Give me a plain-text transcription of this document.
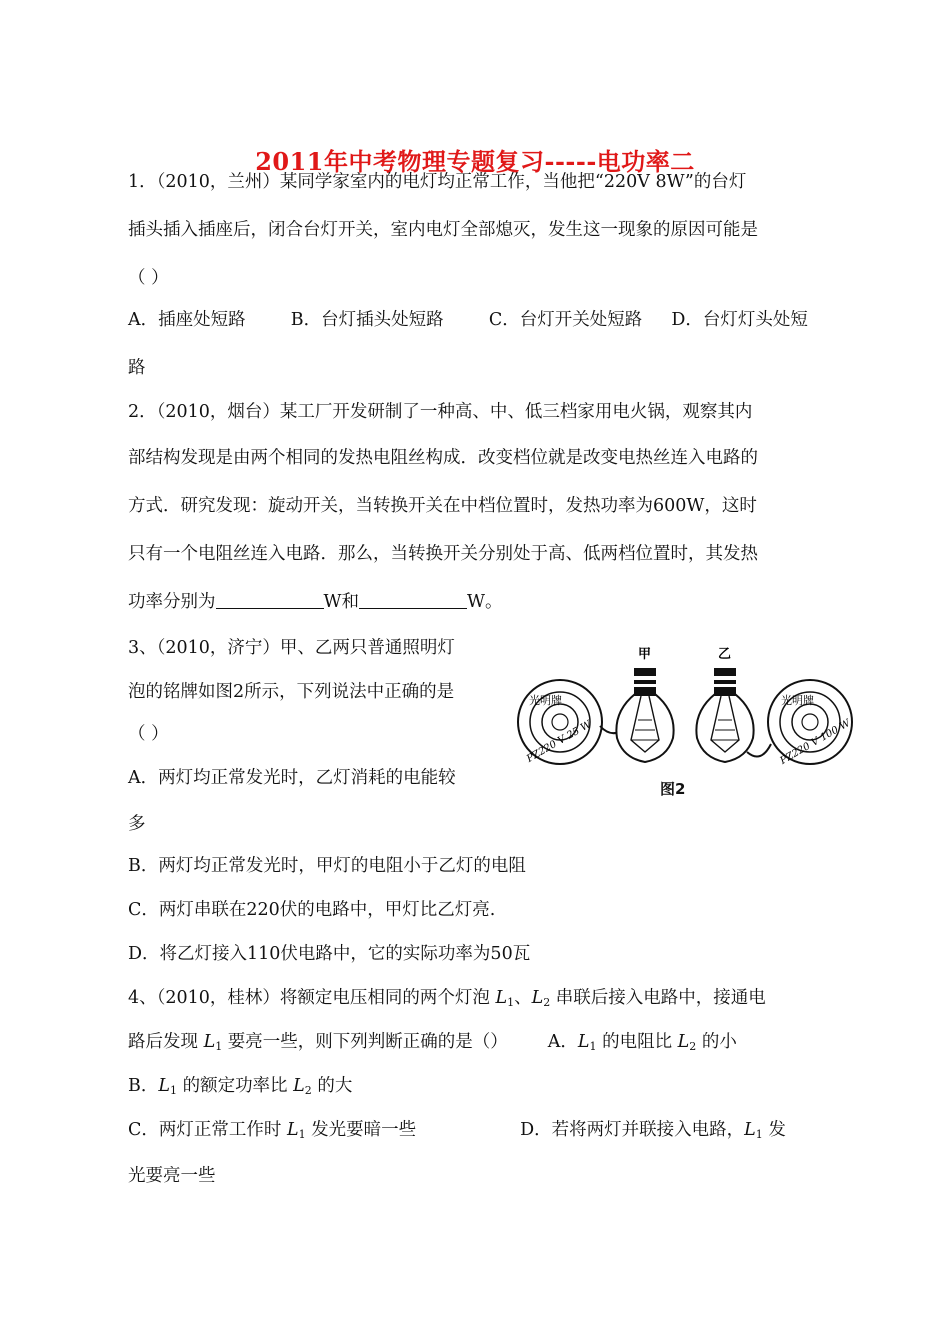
2011年中考物理专题复习-----电功率二
1．（2010，兰州）某同学家室内的电灯均正常工作，当他把“220V 8W”的台灯
插头插入插座后，闭合台灯开关，室内电灯全部熄灭，发生这一现象的原因可能是
（ ）
A．插座处短路	B．台灯插头处短路	C．台灯开关处短路 D．台灯灯头处短
路
2．（2010，烟台）某工厂开发研制了一种高、中、低三档家用电火锅，观察其内
部结构发现是由两个相同的发热电阻丝构成．改变档位就是改变电热丝连入电路的
方式．研究发现：旋动开关，当转换开关在中档位置时，发热功率为600W，这时
只有一个电阻丝连入电路．那么，当转换开关分别处于高、低两档位置时，其发热
功率分别为	W和	W。
3、（2010，济宁）甲、乙两只普通照明灯
泡的铭牌如图2所示，下列说法中正确的是
（ ）
A．两灯均正常发光时，乙灯消耗的电能较
多
B．两灯均正常发光时，甲灯的电阻小于乙灯的电阻
C．两灯串联在220伏的电路中，甲灯比乙灯亮.
D．将乙灯接入110伏电路中，它的实际功率为50瓦
光明牌
PZ220 V 25 W
甲	乙
光明牌
PZ220 V 100 W
图2
4、（2010，桂林）将额定电压相同的两个灯泡 $L_1$、$L_2$ 串联后接入电路中，接通电
路后发现 $L_1$ 要亮一些，则下列判断正确的是（） A．$L_1$ 的电阻比 $L_2$ 的小
B．$L_1$ 的额定功率比 $L_2$ 的大
C．两灯正常工作时 $L_1$ 发光要暗一些	D．若将两灯并联接入电路，$L_1$ 发
光要亮一些
